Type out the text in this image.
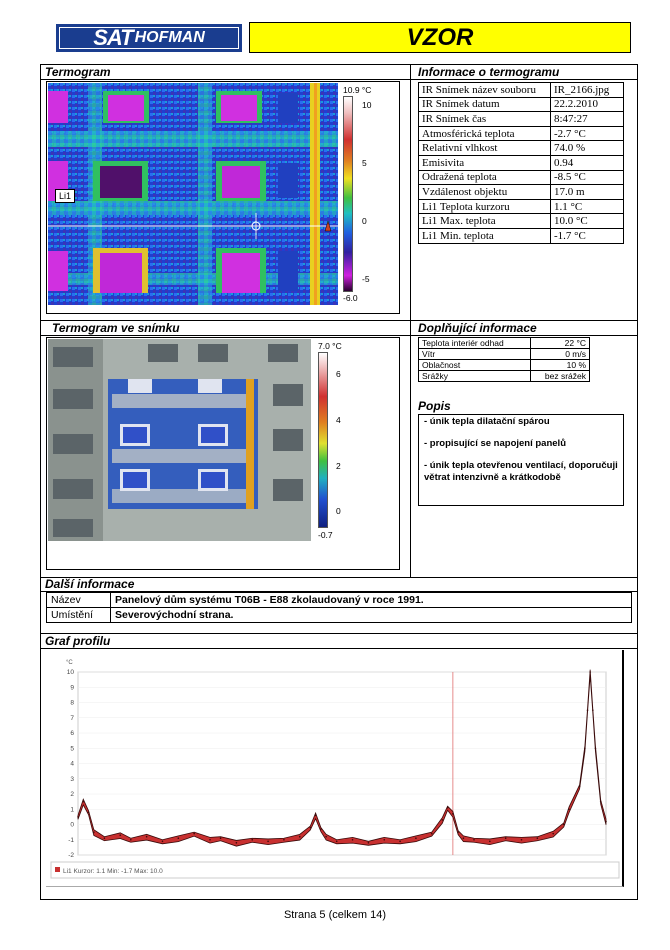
SAT HOFMAN	VZOR
Termogram	Informace o termogramu
Termogram ve snímku	Doplňující informace
Další informace
Graf profilu
Li1
10.9 °C
10
5
0
-5
-6.0
IR Snímek název souboru	IR_2166.jpg
IR Snímek datum	22.2.2010
IR Snímek čas	8:47:27
Atmosférická teplota	-2.7 °C
Relativní vlhkost	74.0 %
Emisivita	0.94
Odražená teplota	-8.5 °C
Vzdálenost objektu	17.0 m
Li1 Teplota kurzoru	1.1 °C
Li1 Max. teplota	10.0 °C
Li1 Min. teplota	-1.7 °C
7.0 °C
6
4
2
0
-0.7
Teplota interiér odhad	22 °C
Vítr	0 m/s
Oblačnost	10 %
Srážky	bez srážek
Popis
- únik tepla dilatační spárou
- propisující se napojení panelů
- únik tepla otevřenou ventilací, doporučuji větrat intenzivně a krátkodobě
Název	Panelový dům systému T06B - E88 zkolaudovaný v roce 1991.
Umístění	Severovýchodní strana.
°C
10
9
8
7
6
5
4
3
2
1
0
-1
-2
Li1 Kurzor: 1.1 Min: -1.7 Max: 10.0
Strana 5 (celkem 14)
